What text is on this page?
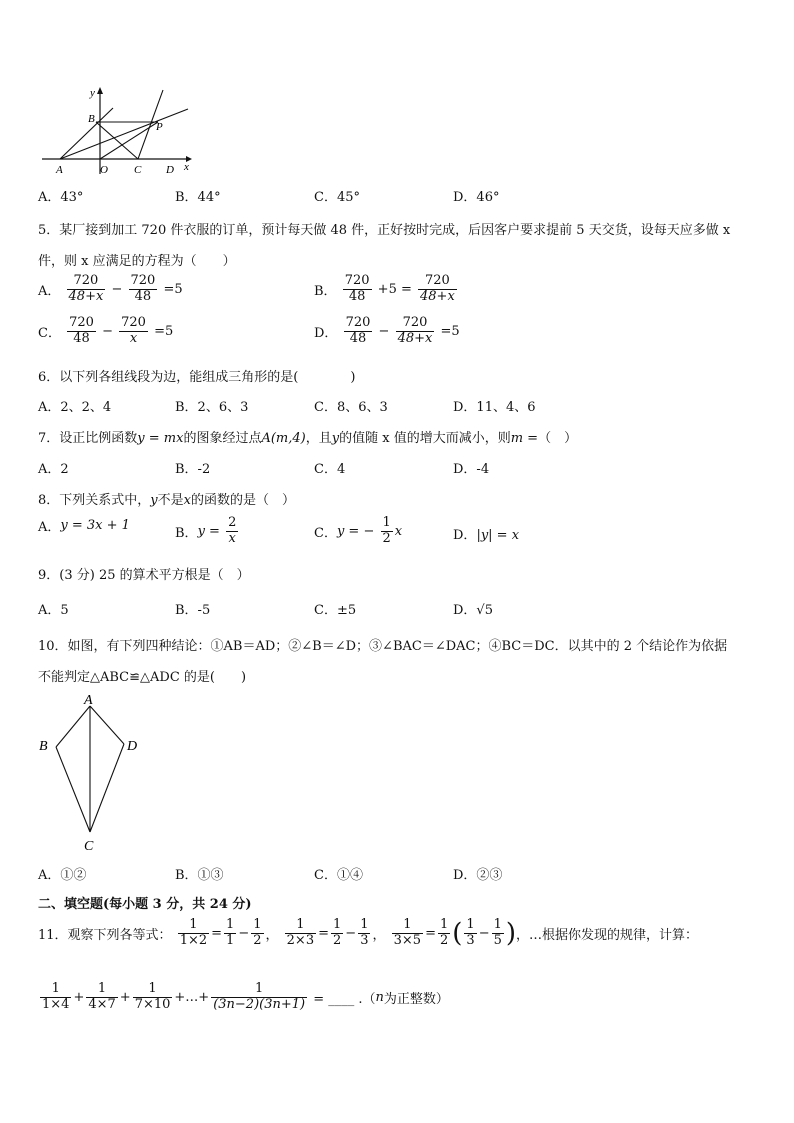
y
x
B
P
A	O C D
A．43°	B．44°	C．45°	D．46°
5．某厂接到加工 720 件衣服的订单，预计每天做 48 件，正好按时完成，后因客户要求提前 5 天交货，设每天应多做 x
件，则 x 应满足的方程为（　　）
A． $\frac{720}{48+x} - \frac{720}{48} =5$	B． $\frac{720}{48} +5 = \frac{720}{48+x}$
C． $\frac{720}{48} - \frac{720}{x} =5$	D． $\frac{720}{48} - \frac{720}{48+x} =5$
6．以下列各组线段为边，能组成三角形的是(　　　　)
A．2、2、4	B．2、6、3	C．8、6、3	D．11、4、6
7．设正比例函数y = mx的图象经过点A(m,4)，且y的值随 x 值的增大而减小，则m =（　）
A．2	B．-2	C．4	D．-4
8．下列关系式中，y不是x的函数的是（　）
A．y = 3x + 1
B．$y = \frac{2}{x}$	C．y = − $\frac{1}{2}$ x	D．|y| = x
9．(3 分) 25 的算术平方根是（　）
A．5	B．-5	C．±5	D．√5
10．如图，有下列四种结论：①AB＝AD；②∠B＝∠D；③∠BAC＝∠DAC；④BC＝DC．以其中的 2 个结论作为依据
不能判定△ABC≌△ADC 的是(　　)
A
B	D
C
A．①②	B．①③	C．①④	D．②③
二、填空题(每小题 3 分，共 24 分)
11．观察下列各等式： $\frac{1}{1\times 2} = \frac{1}{1} - \frac{1}{2}$ ， $\frac{1}{2\times 3} = \frac{1}{2} - \frac{1}{3}$ ， $\frac{1}{3\times 5} = \frac{1}{2}$ ( $\frac{1}{3} - \frac{1}{5}$ )，…根据你发现的规律，计算：
$\frac{1}{1\times 4} + \frac{1}{4\times 7} + \frac{1}{7\times 10}$ +…+ $\frac{1}{(3n-2)(3n+1)}$ = ____ .（n为正整数）
